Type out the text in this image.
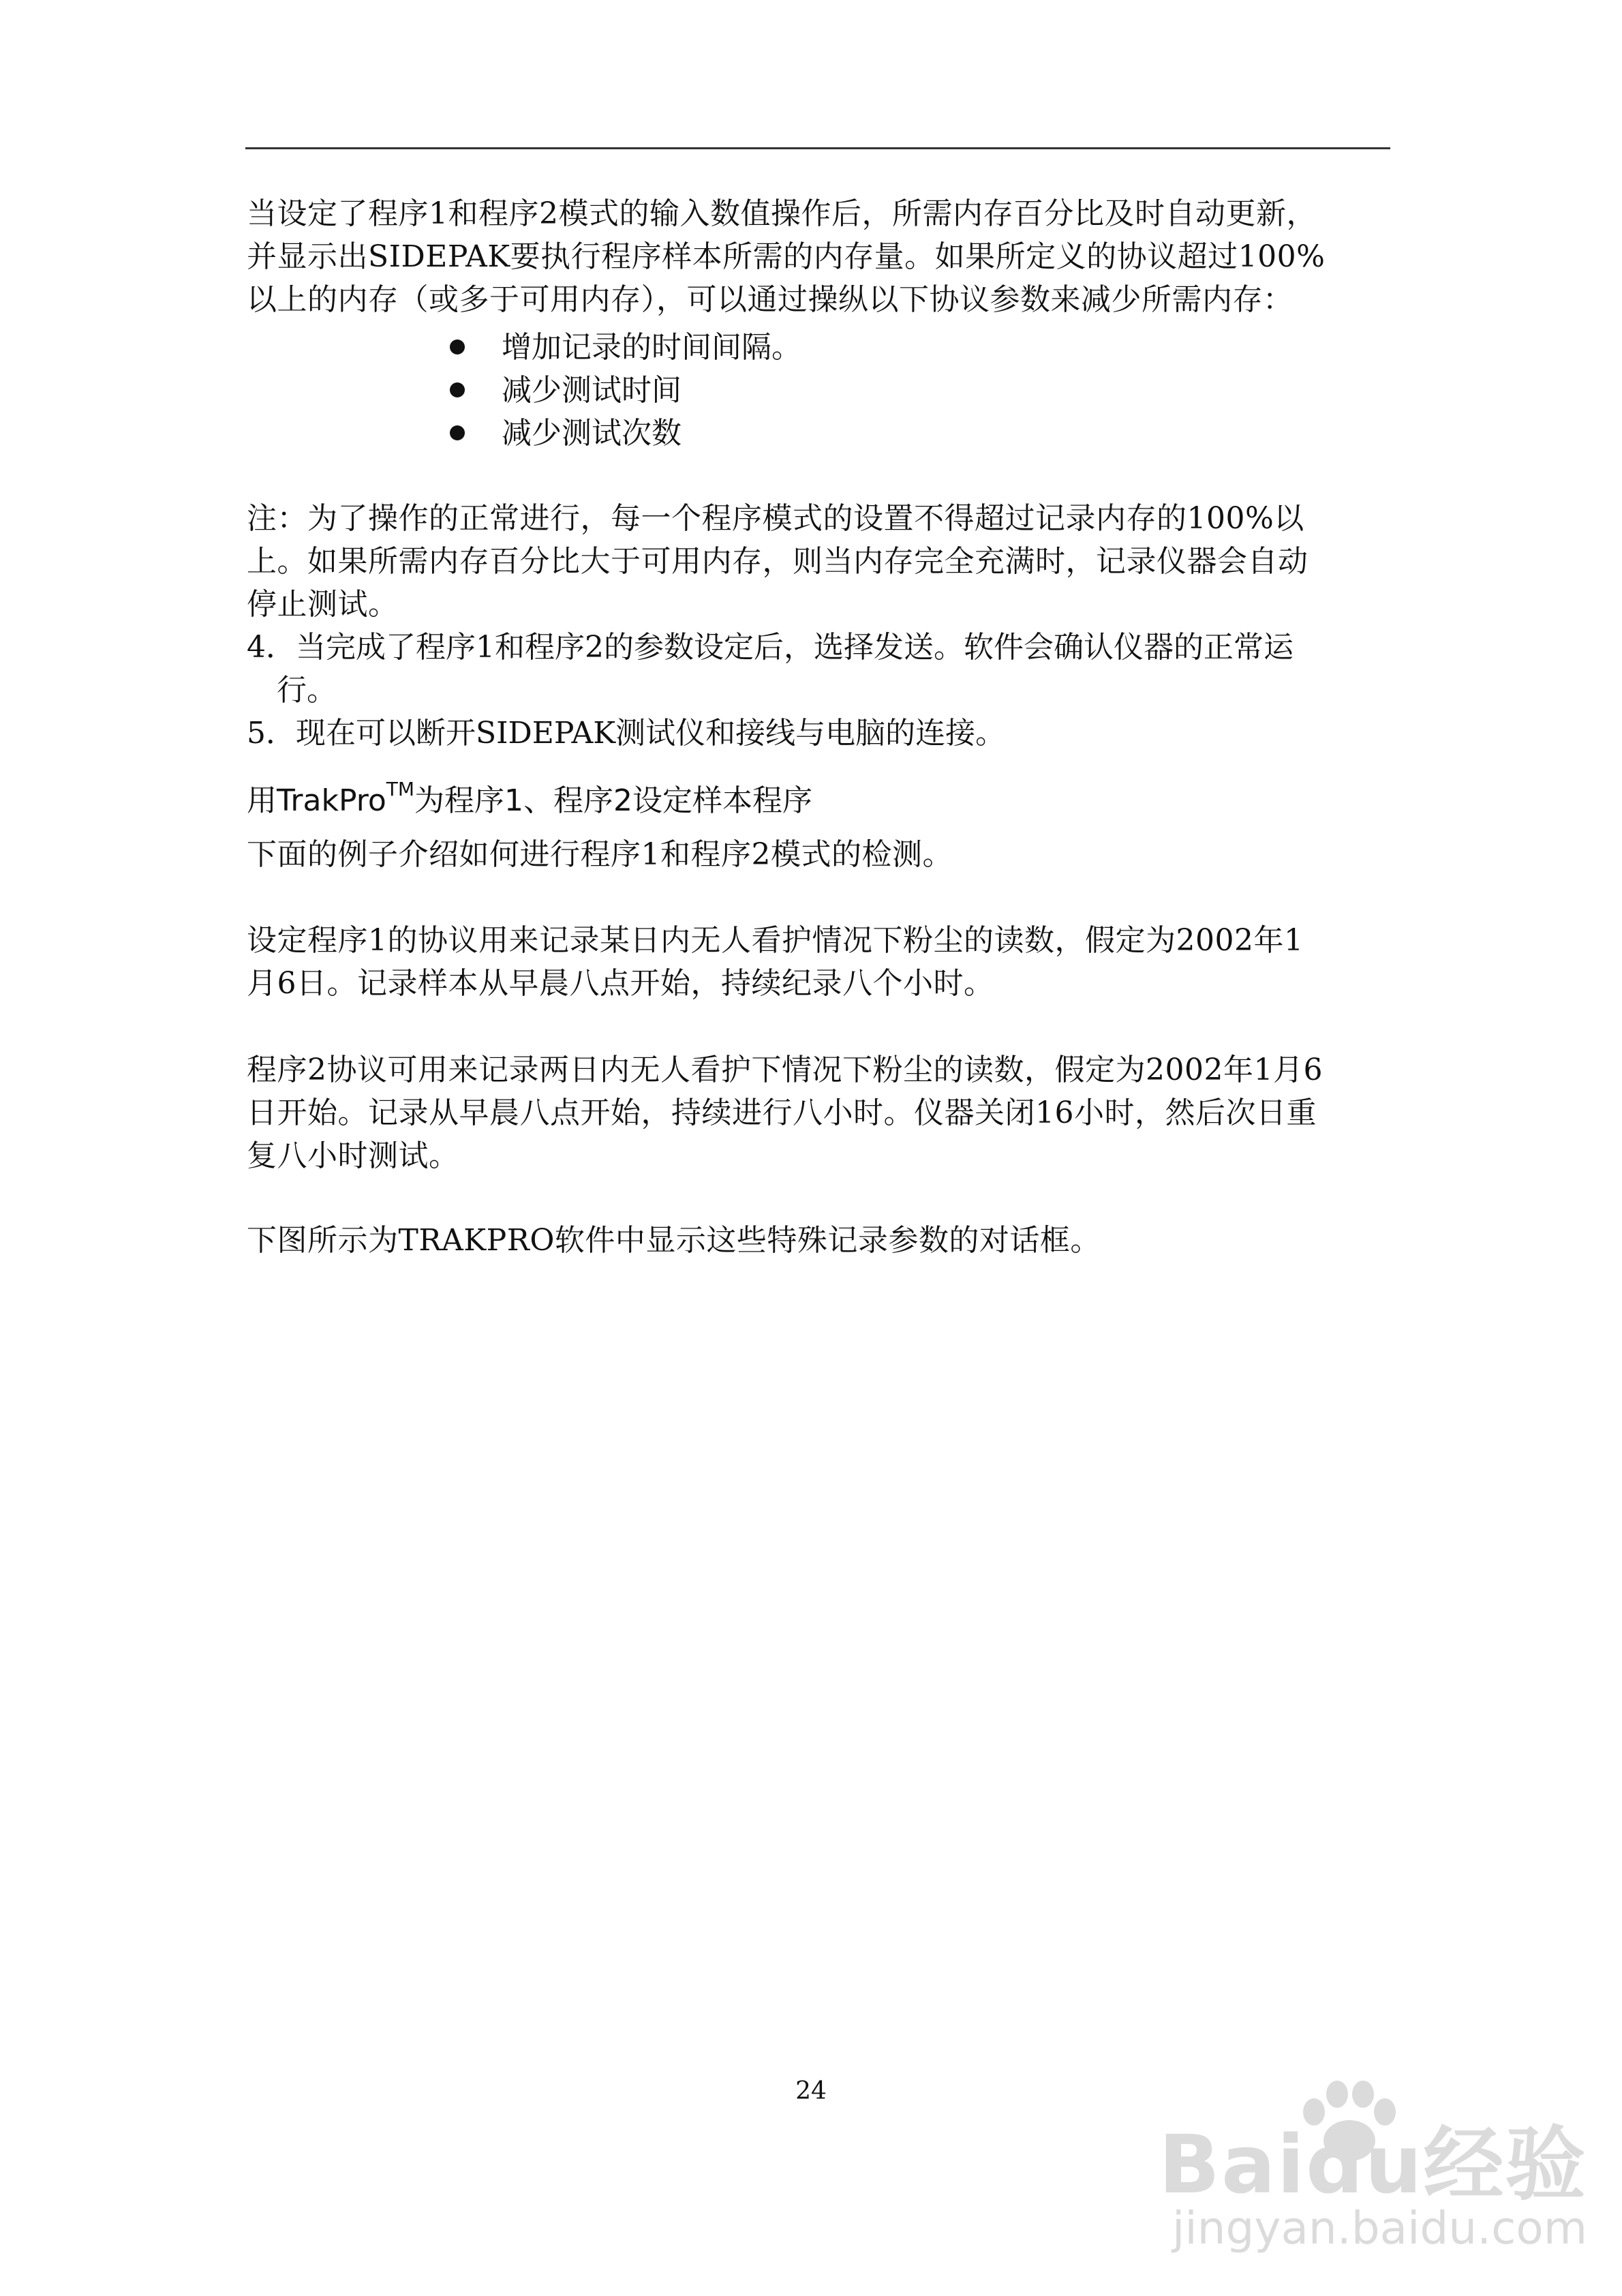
当设定了程序1和程序2模式的输入数值操作后，所需内存百分比及时自动更新，
并显示出SIDEPAK要执行程序样本所需的内存量。如果所定义的协议超过100%
以上的内存（或多于可用内存），可以通过操纵以下协议参数来减少所需内存：
增加记录的时间间隔。
减少测试时间
减少测试次数
注：为了操作的正常进行，每一个程序模式的设置不得超过记录内存的100%以
上。如果所需内存百分比大于可用内存，则当内存完全充满时，记录仪器会自动
停止测试。
4．当完成了程序1和程序2的参数设定后，选择发送。软件会确认仪器的正常运
　行。
5．现在可以断开SIDEPAK测试仪和接线与电脑的连接。
用TrakPro™为程序1、程序2设定样本程序
下面的例子介绍如何进行程序1和程序2模式的检测。
设定程序1的协议用来记录某日内无人看护情况下粉尘的读数，假定为2002年1
月6日。记录样本从早晨八点开始，持续纪录八个小时。
程序2协议可用来记录两日内无人看护下情况下粉尘的读数，假定为2002年1月6
日开始。记录从早晨八点开始，持续进行八小时。仪器关闭16小时，然后次日重
复八小时测试。
下图所示为TRAKPRO软件中显示这些特殊记录参数的对话框。
24
Baidu经验
jingyan.baidu.com
